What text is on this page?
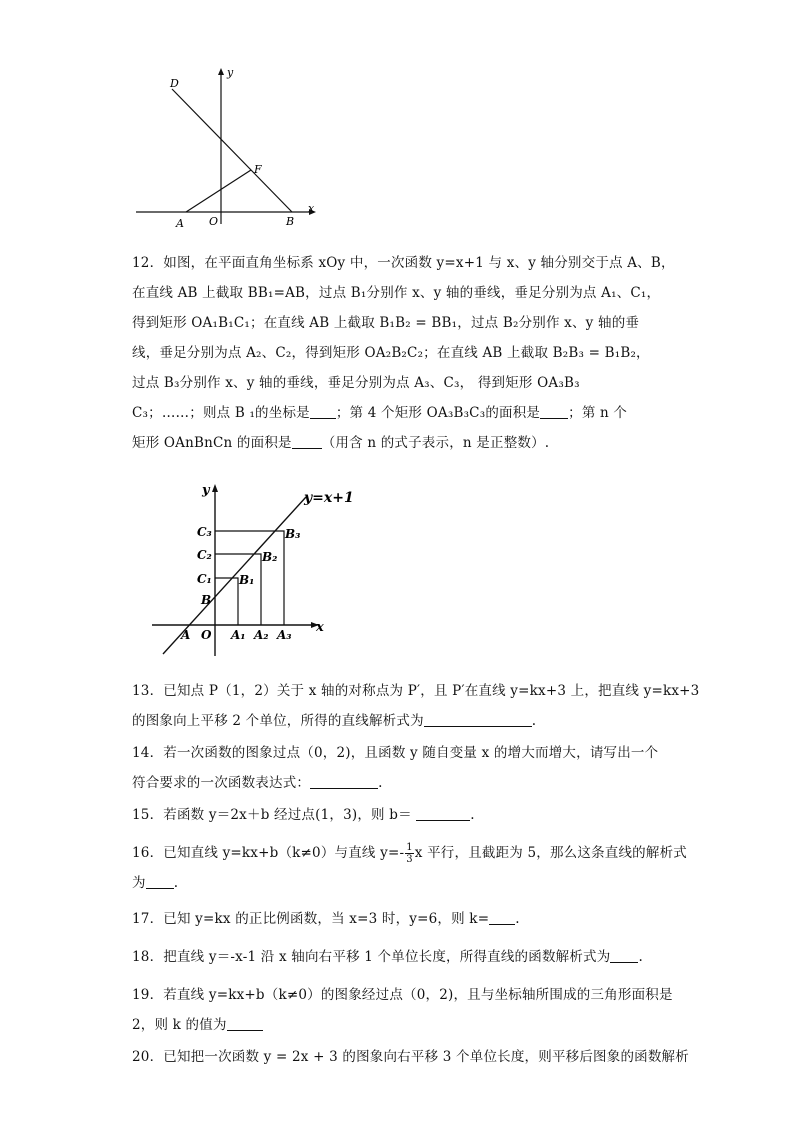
D
y
F
A O	B
x
12．如图，在平面直角坐标系 xOy 中，一次函数 y=x+1 与 x、y 轴分别交于点 A、B，
在直线 AB 上截取 BB₁=AB，过点 B₁分别作 x、y 轴的垂线，垂足分别为点 A₁、C₁，
得到矩形 OA₁B₁C₁；在直线 AB 上截取 B₁B₂ = BB₁，过点 B₂分别作 x、y 轴的垂
线，垂足分别为点 A₂、C₂，得到矩形 OA₂B₂C₂；在直线 AB 上截取 B₂B₃ = B₁B₂，
过点 B₃分别作 x、y 轴的垂线，垂足分别为点 A₃、C₃， 得到矩形 OA₃B₃
C₃；……；则点 B ₁的坐标是 ；第 4 个矩形 OA₃B₃C₃的面积是 ；第 n 个
矩形 OAnBnCn 的面积是 （用含 n 的式子表示，n 是正整数）.
y=x+1
y
x
C₃
C₂
C₁
B
B₃
B₂
B₁
A O A₁ A₂ A₃
13．已知点 P（1，2）关于 x 轴的对称点为 P′，且 P′在直线 y=kx+3 上，把直线 y=kx+3
的图象向上平移 2 个单位，所得的直线解析式为	.
14．若一次函数的图象过点（0，2)，且函数 y 随自变量 x 的增大而增大，请写出一个
符合要求的一次函数表达式：	.
15．若函数 y＝2x＋b 经过点(1，3)，则 b＝	.
16．已知直线 y=kx+b（k≠0）与直线 $y=- \frac{1}{3}$ x 平行，且截距为 5，那么这条直线的解析式
为 .
17．已知 y=kx 的正比例函数，当 x=3 时，y=6，则 k= .
18．把直线 y＝-x-1 沿 x 轴向右平移 1 个单位长度，所得直线的函数解析式为 .
19．若直线 y=kx+b（k≠0）的图象经过点（0，2)，且与坐标轴所围成的三角形面积是
2，则 k 的值为
20．已知把一次函数 y = 2x + 3 的图象向右平移 3 个单位长度，则平移后图象的函数解析
